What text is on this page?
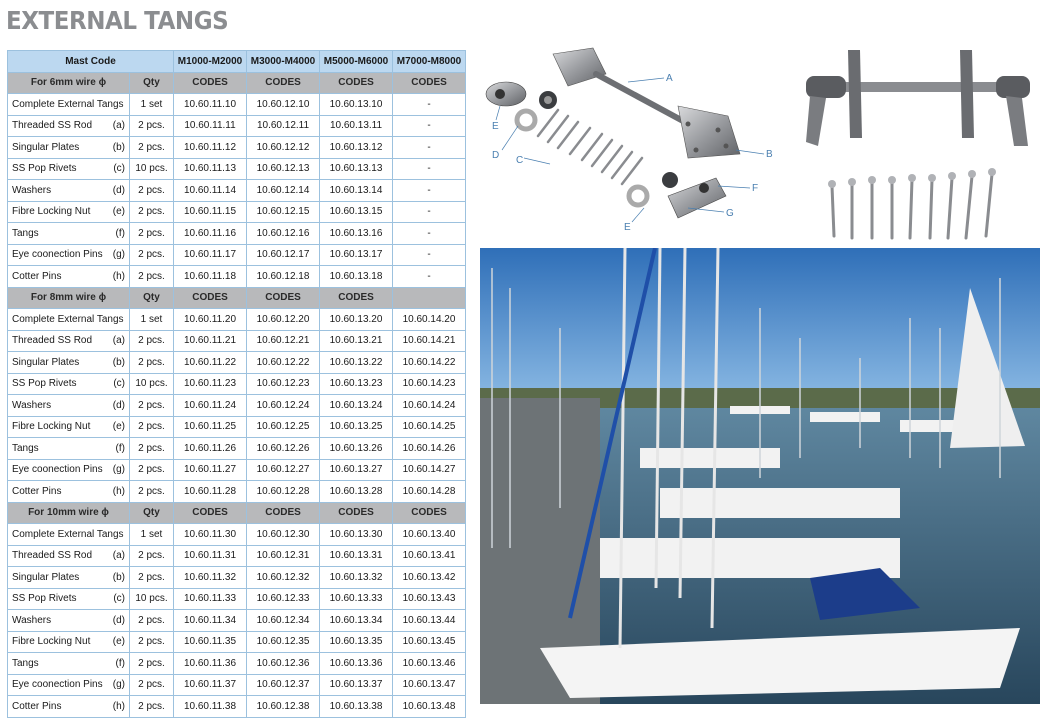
EXTERNAL TANGS
Mast Code		M1000-M2000	M3000-M4000	M5000-M6000	M7000-M8000
For 6mm wire ϕ	Qty	CODES	CODES	CODES	CODES

Complete External Tangs	1 set	10.60.11.10	10.60.12.10	10.60.13.10	-

Threaded SS Rod (a)	2 pcs.	10.60.11.11	10.60.12.11	10.60.13.11	-

Singular Plates (b)	2 pcs.	10.60.11.12	10.60.12.12	10.60.13.12	-

SS Pop Rivets (c)	10 pcs.	10.60.11.13	10.60.12.13	10.60.13.13	-

Washers (d)	2 pcs.	10.60.11.14	10.60.12.14	10.60.13.14	-

Fibre Locking Nut (e)	2 pcs.	10.60.11.15	10.60.12.15	10.60.13.15	-

Tangs (f)	2 pcs.	10.60.11.16	10.60.12.16	10.60.13.16	-

Eye coonection Pins (g)	2 pcs.	10.60.11.17	10.60.12.17	10.60.13.17	-

Cotter Pins (h)	2 pcs.	10.60.11.18	10.60.12.18	10.60.13.18	-
For 8mm wire ϕ	Qty	CODES	CODES	CODES	

Complete External Tangs	1 set	10.60.11.20	10.60.12.20	10.60.13.20	10.60.14.20

Threaded SS Rod (a)	2 pcs.	10.60.11.21	10.60.12.21	10.60.13.21	10.60.14.21

Singular Plates (b)	2 pcs.	10.60.11.22	10.60.12.22	10.60.13.22	10.60.14.22

SS Pop Rivets (c)	10 pcs.	10.60.11.23	10.60.12.23	10.60.13.23	10.60.14.23

Washers (d)	2 pcs.	10.60.11.24	10.60.12.24	10.60.13.24	10.60.14.24

Fibre Locking Nut (e)	2 pcs.	10.60.11.25	10.60.12.25	10.60.13.25	10.60.14.25

Tangs (f)	2 pcs.	10.60.11.26	10.60.12.26	10.60.13.26	10.60.14.26

Eye coonection Pins (g)	2 pcs.	10.60.11.27	10.60.12.27	10.60.13.27	10.60.14.27

Cotter Pins (h)	2 pcs.	10.60.11.28	10.60.12.28	10.60.13.28	10.60.14.28
For 10mm wire ϕ	Qty	CODES	CODES	CODES	CODES

Complete External Tangs	1 set	10.60.11.30	10.60.12.30	10.60.13.30	10.60.13.40

Threaded SS Rod (a)	2 pcs.	10.60.11.31	10.60.12.31	10.60.13.31	10.60.13.41

Singular Plates (b)	2 pcs.	10.60.11.32	10.60.12.32	10.60.13.32	10.60.13.42

SS Pop Rivets (c)	10 pcs.	10.60.11.33	10.60.12.33	10.60.13.33	10.60.13.43

Washers (d)	2 pcs.	10.60.11.34	10.60.12.34	10.60.13.34	10.60.13.44

Fibre Locking Nut (e)	2 pcs.	10.60.11.35	10.60.12.35	10.60.13.35	10.60.13.45

Tangs (f)	2 pcs.	10.60.11.36	10.60.12.36	10.60.13.36	10.60.13.46

Eye coonection Pins (g)	2 pcs.	10.60.11.37	10.60.12.37	10.60.13.37	10.60.13.47

Cotter Pins (h)	2 pcs.	10.60.11.38	10.60.12.38	10.60.13.38	10.60.13.48
A
B
C
D
E
F
G
E
